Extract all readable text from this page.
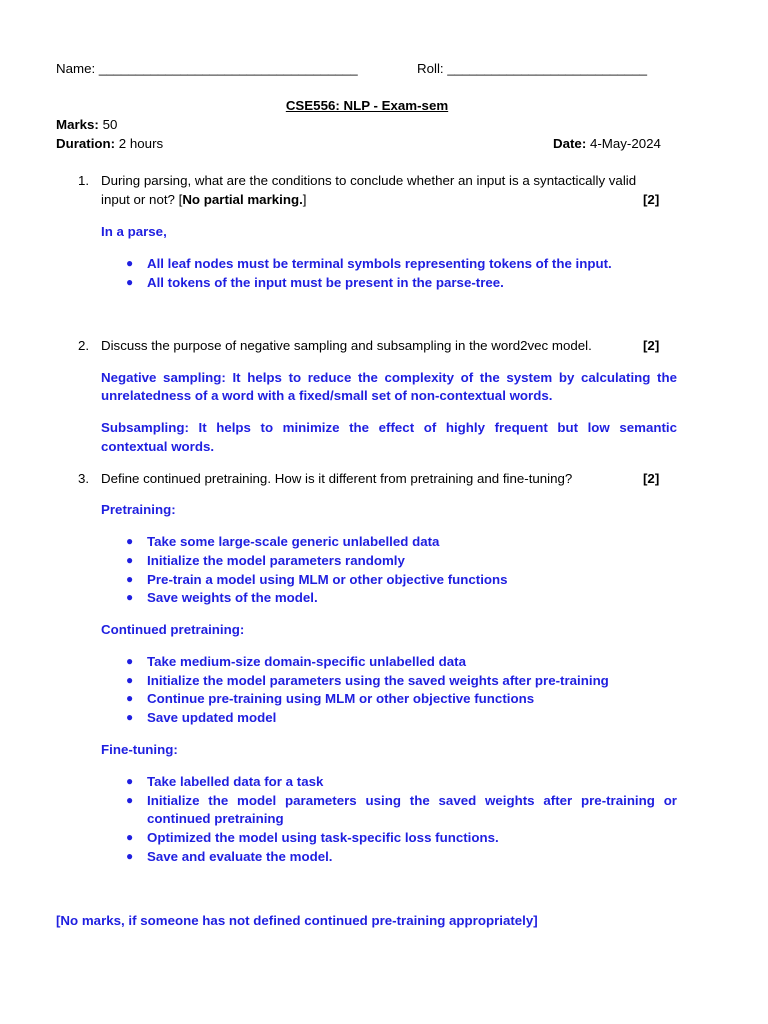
Name: ___________________________________	Roll: ___________________________
CSE556: NLP - Exam-sem
Marks: 50
Duration: 2 hours	Date: 4-May-2024
1. During parsing, what are the conditions to conclude whether an input is a syntactically valid
input or not? [No partial marking.]	[2]
In a parse,
● All leaf nodes must be terminal symbols representing tokens of the input.
● All tokens of the input must be present in the parse-tree.
2. Discuss the purpose of negative sampling and subsampling in the word2vec model.	[2]
Negative sampling: It helps to reduce the complexity of the system by calculating the
unrelatedness of a word with a fixed/small set of non-contextual words.
Subsampling: It helps to minimize the effect of highly frequent but low semantic
contextual words.
3. Define continued pretraining. How is it different from pretraining and fine-tuning?	[2]
Pretraining:
● Take some large-scale generic unlabelled data
● Initialize the model parameters randomly
● Pre-train a model using MLM or other objective functions
● Save weights of the model.
Continued pretraining:
● Take medium-size domain-specific unlabelled data
● Initialize the model parameters using the saved weights after pre-training
● Continue pre-training using MLM or other objective functions
● Save updated model
Fine-tuning:
● Take labelled data for a task
● Initialize the model parameters using the saved weights after pre-training or
continued pretraining
● Optimized the model using task-specific loss functions.
● Save and evaluate the model.
[No marks, if someone has not defined continued pre-training appropriately]
